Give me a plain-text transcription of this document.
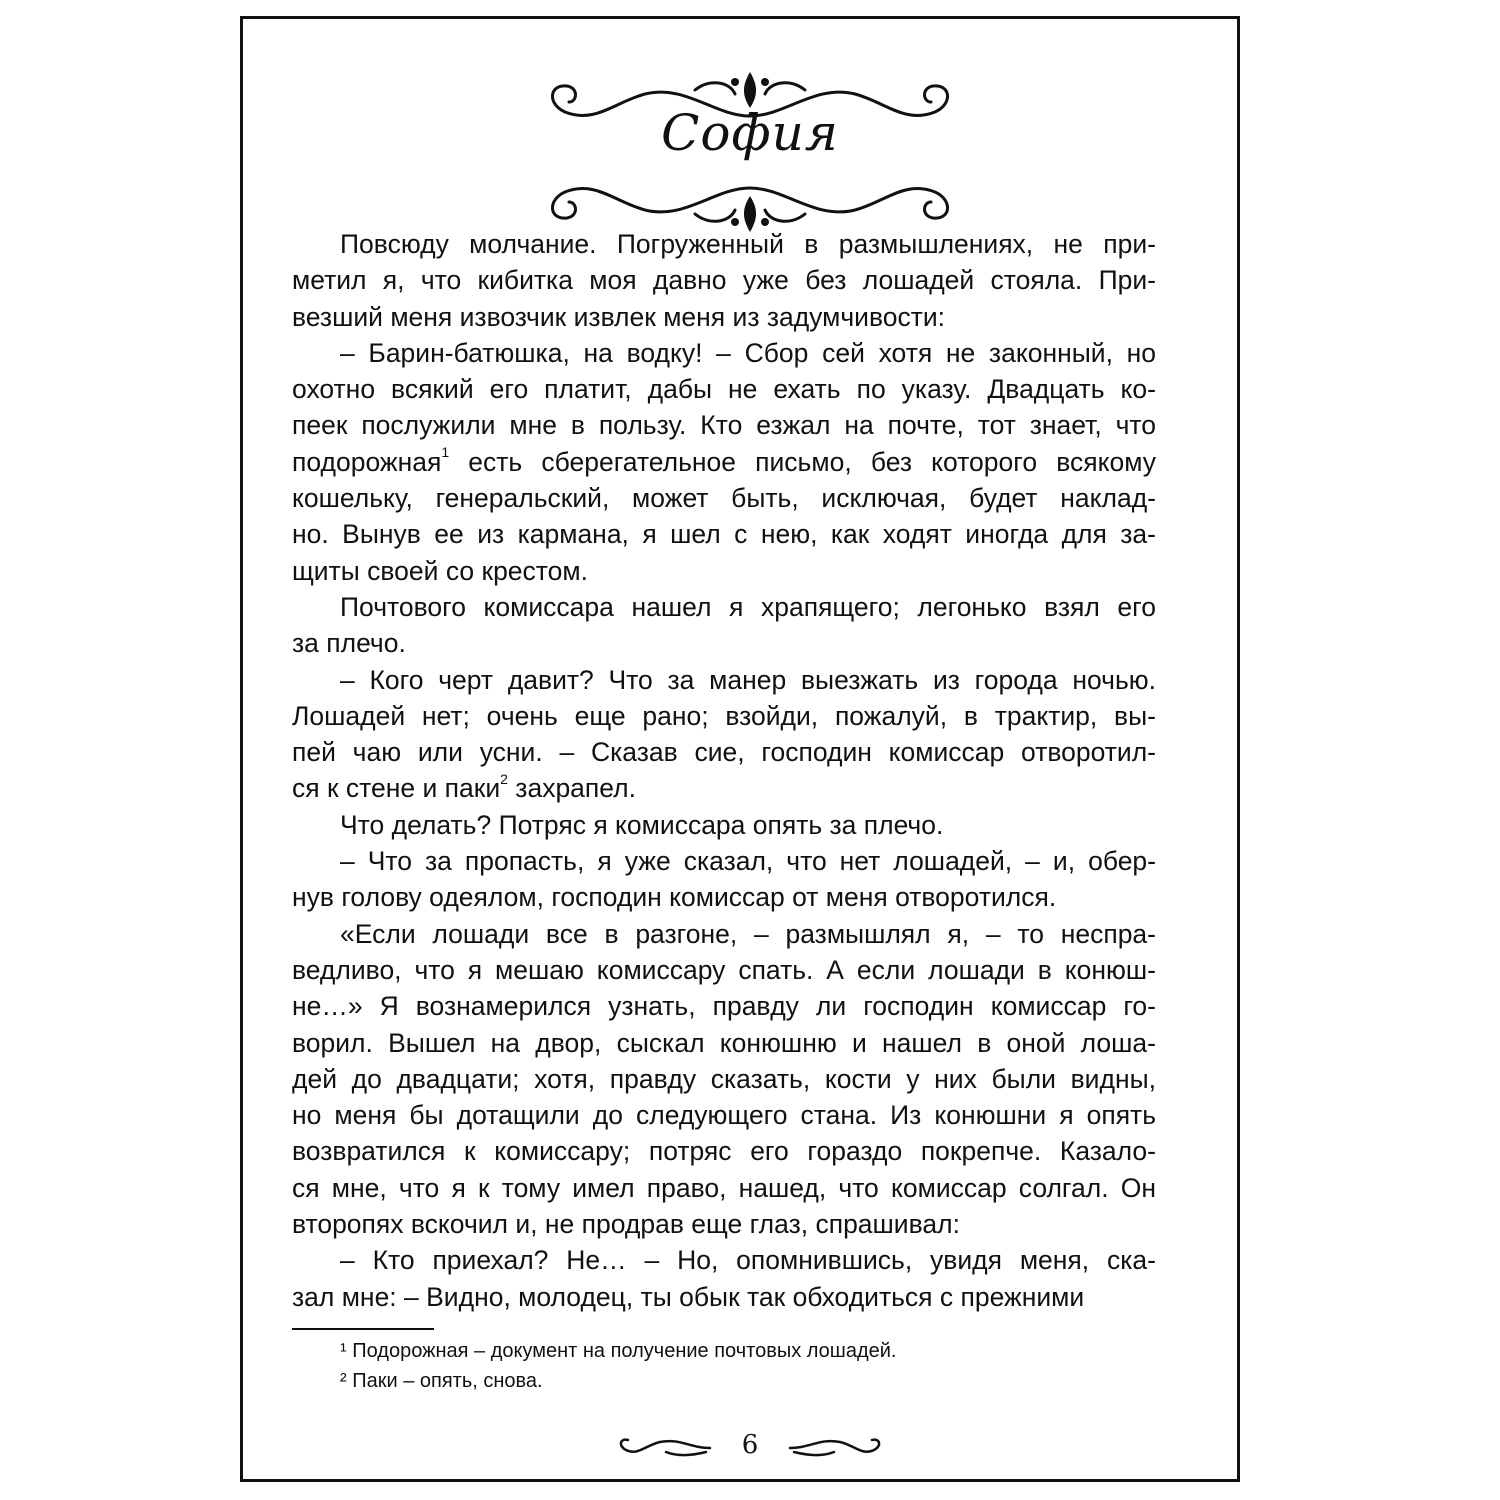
София
Повсюду молчание. Погруженный в размышлениях, не при-
метил я, что кибитка моя давно уже без лошадей стояла. При-
везший меня извозчик извлек меня из задумчивости:
– Барин-батюшка, на водку! – Сбор сей хотя не законный, но
охотно всякий его платит, дабы не ехать по указу. Двадцать ко-
пеек послужили мне в пользу. Кто езжал на почте, тот знает, что
подорожная$^1$ есть сберегательное письмо, без которого всякому
кошельку, генеральский, может быть, исключая, будет наклад-
но. Вынув ее из кармана, я шел с нею, как ходят иногда для за-
щиты своей со крестом.
Почтового комиссара нашел я храпящего; легонько взял его
за плечо.
– Кого черт давит? Что за манер выезжать из города ночью.
Лошадей нет; очень еще рано; взойди, пожалуй, в трактир, вы-
пей чаю или усни. – Сказав сие, господин комиссар отворотил-
ся к стене и паки$^2$ захрапел.
Что делать? Потряс я комиссара опять за плечо.
– Что за пропасть, я уже сказал, что нет лошадей, – и, обер-
нув голову одеялом, господин комиссар от меня отворотился.
«Если лошади все в разгоне, – размышлял я, – то неспра-
ведливо, что я мешаю комиссару спать. А если лошади в конюш-
не…» Я вознамерился узнать, правду ли господин комиссар го-
ворил. Вышел на двор, сыскал конюшню и нашел в оной лоша-
дей до двадцати; хотя, правду сказать, кости у них были видны,
но меня бы дотащили до следующего стана. Из конюшни я опять
возвратился к комиссару; потряс его гораздо покрепче. Казало-
ся мне, что я к тому имел право, нашед, что комиссар солгал. Он
второпях вскочил и, не продрав еще глаз, спрашивал:
– Кто приехал? Не… – Но, опомнившись, увидя меня, ска-
зал мне: – Видно, молодец, ты обык так обходиться с прежними
¹ Подорожная – документ на получение почтовых лошадей.
² Паки – опять, снова.
6
